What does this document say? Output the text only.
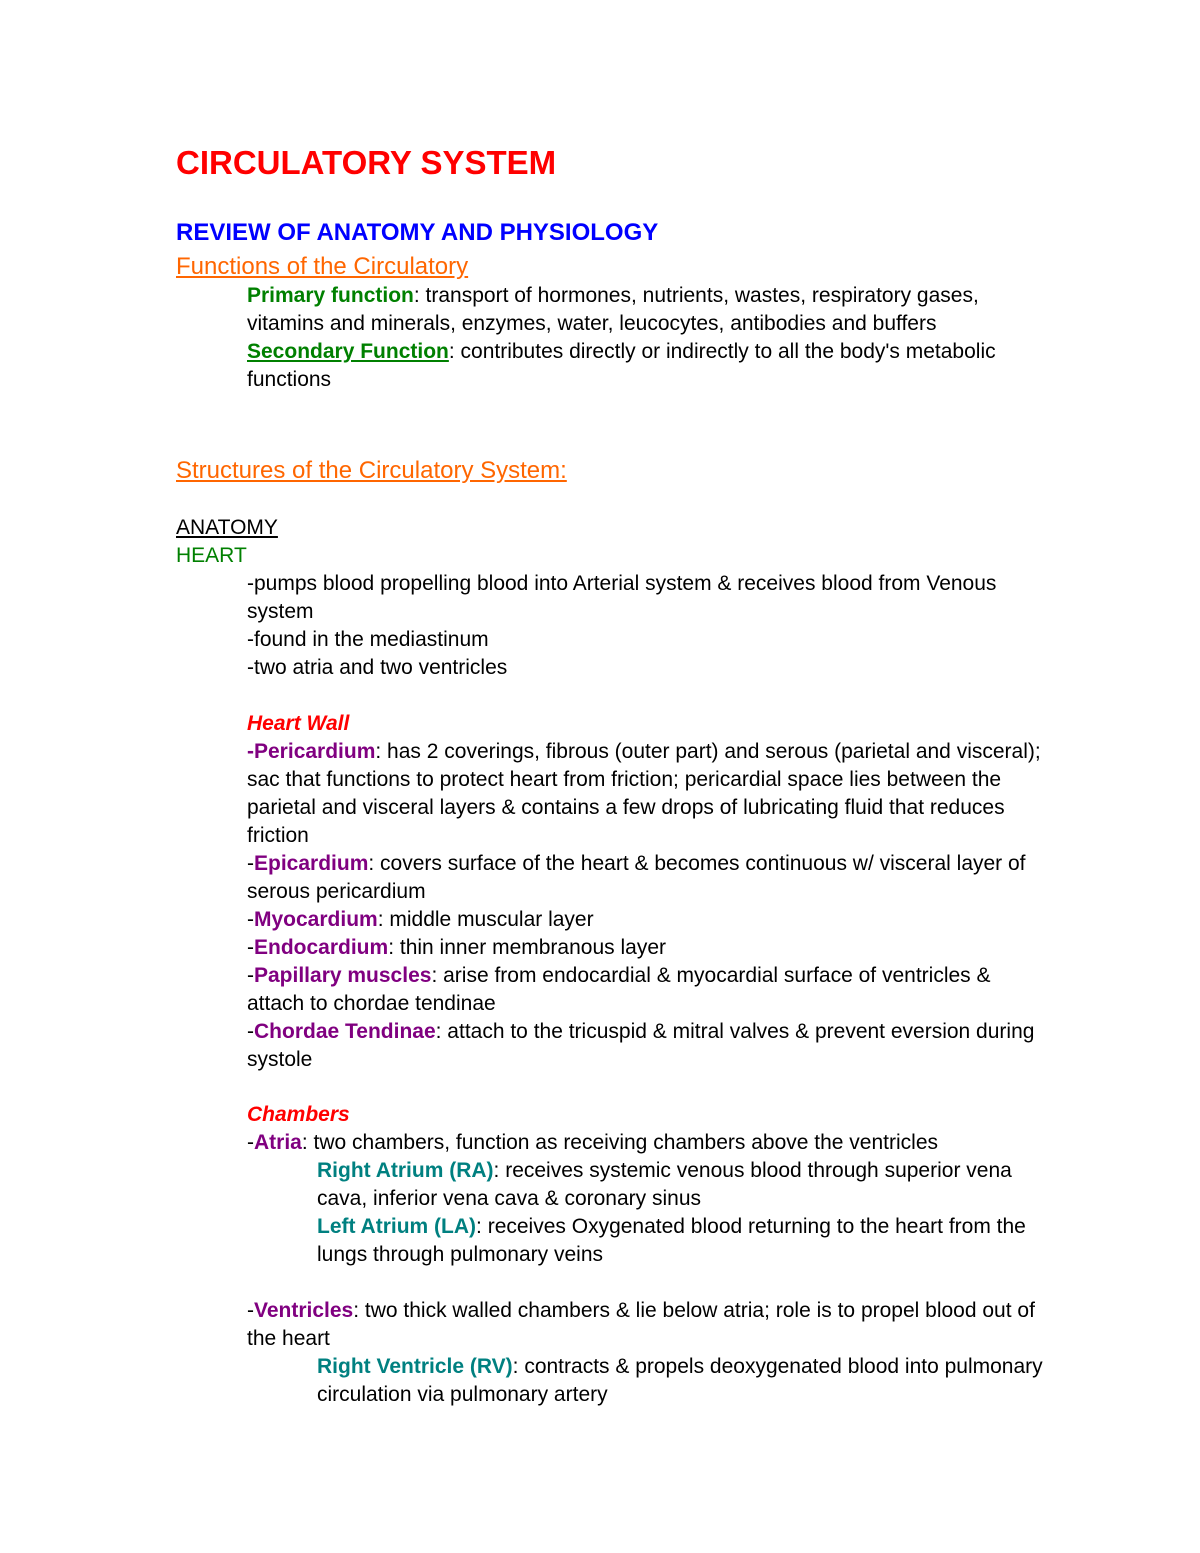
CIRCULATORY SYSTEM
REVIEW OF ANATOMY AND PHYSIOLOGY
Functions of the Circulatory

Primary function: transport of hormones, nutrients, wastes, respiratory gases, vitamins and minerals, enzymes, water, leucocytes, antibodies and buffers

Secondary Function: contributes directly or indirectly to all the body's metabolic functions

Structures of the Circulatory System:

ANATOMY

HEART

-pumps blood propelling blood into Arterial system & receives blood from Venous system

-found in the mediastinum

-two atria and two ventricles

Heart Wall

-Pericardium: has 2 coverings, fibrous (outer part) and serous (parietal and visceral); sac that functions to protect heart from friction; pericardial space lies between the parietal and visceral layers & contains a few drops of lubricating fluid that reduces friction

-Epicardium: covers surface of the heart & becomes continuous w/ visceral layer of serous pericardium

-Myocardium: middle muscular layer

-Endocardium: thin inner membranous layer

-Papillary muscles: arise from endocardial & myocardial surface of ventricles & attach to chordae tendinae

-Chordae Tendinae: attach to the tricuspid & mitral valves & prevent eversion during systole

Chambers

-Atria: two chambers, function as receiving chambers above the ventricles

Right Atrium (RA): receives systemic venous blood through superior vena cava, inferior vena cava & coronary sinus

Left Atrium (LA): receives Oxygenated blood returning to the heart from the lungs through pulmonary veins

-Ventricles: two thick walled chambers & lie below atria; role is to propel blood out of the heart

Right Ventricle (RV): contracts & propels deoxygenated blood into pulmonary circulation via pulmonary artery
